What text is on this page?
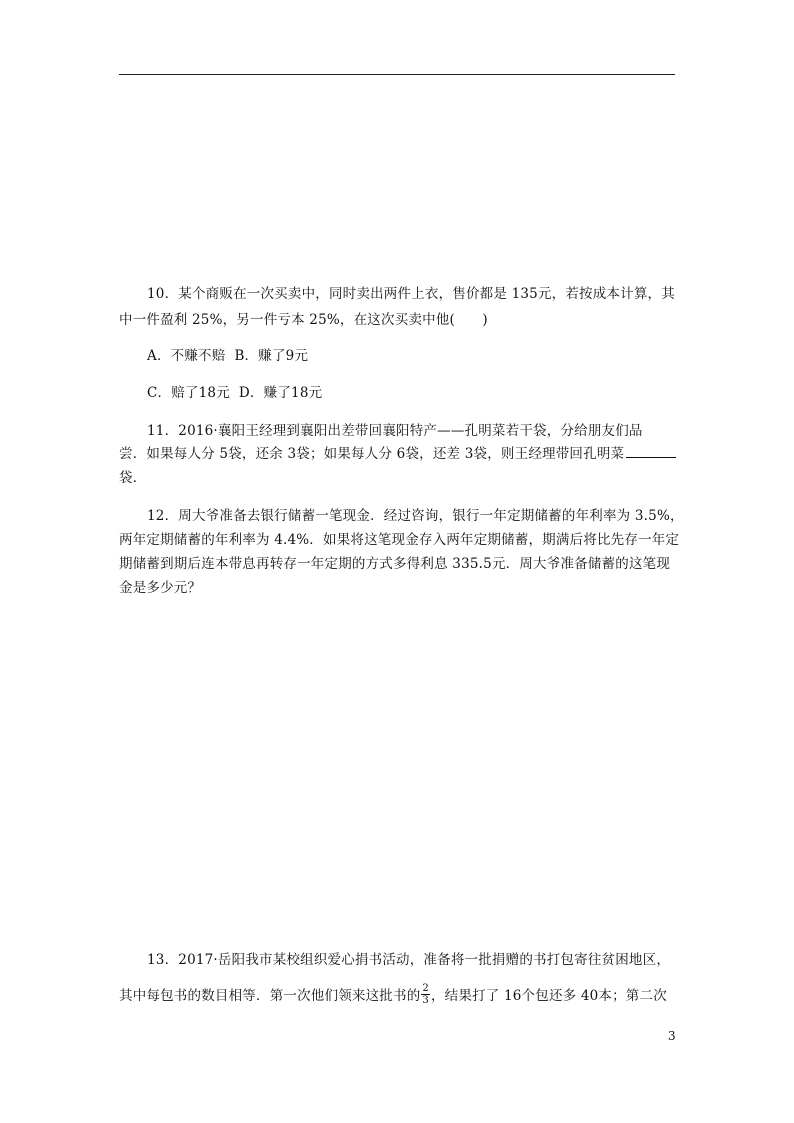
10．某个商贩在一次买卖中，同时卖出两件上衣，售价都是 135元，若按成本计算，其
中一件盈利 25%，另一件亏本 25%，在这次买卖中他(　　)
A．不赚不赔 B．赚了9元
C．赔了18元 D．赚了18元
11．2016·襄阳王经理到襄阳出差带回襄阳特产——孔明菜若干袋，分给朋友们品
尝．如果每人分 5袋，还余 3袋；如果每人分 6袋，还差 3袋，则王经理带回孔明菜
袋．
12．周大爷准备去银行储蓄一笔现金．经过咨询，银行一年定期储蓄的年利率为 3.5%，
两年定期储蓄的年利率为 4.4%．如果将这笔现金存入两年定期储蓄，期满后将比先存一年定
期储蓄到期后连本带息再转存一年定期的方式多得利息 335.5元．周大爷准备储蓄的这笔现
金是多少元？
13．2017·岳阳我市某校组织爱心捐书活动，准备将一批捐赠的书打包寄往贫困地区，
其中每包书的数目相等．第一次他们领来这批书的 $\frac{2}{3}$ ，结果打了 16个包还多 40本；第二次
3
